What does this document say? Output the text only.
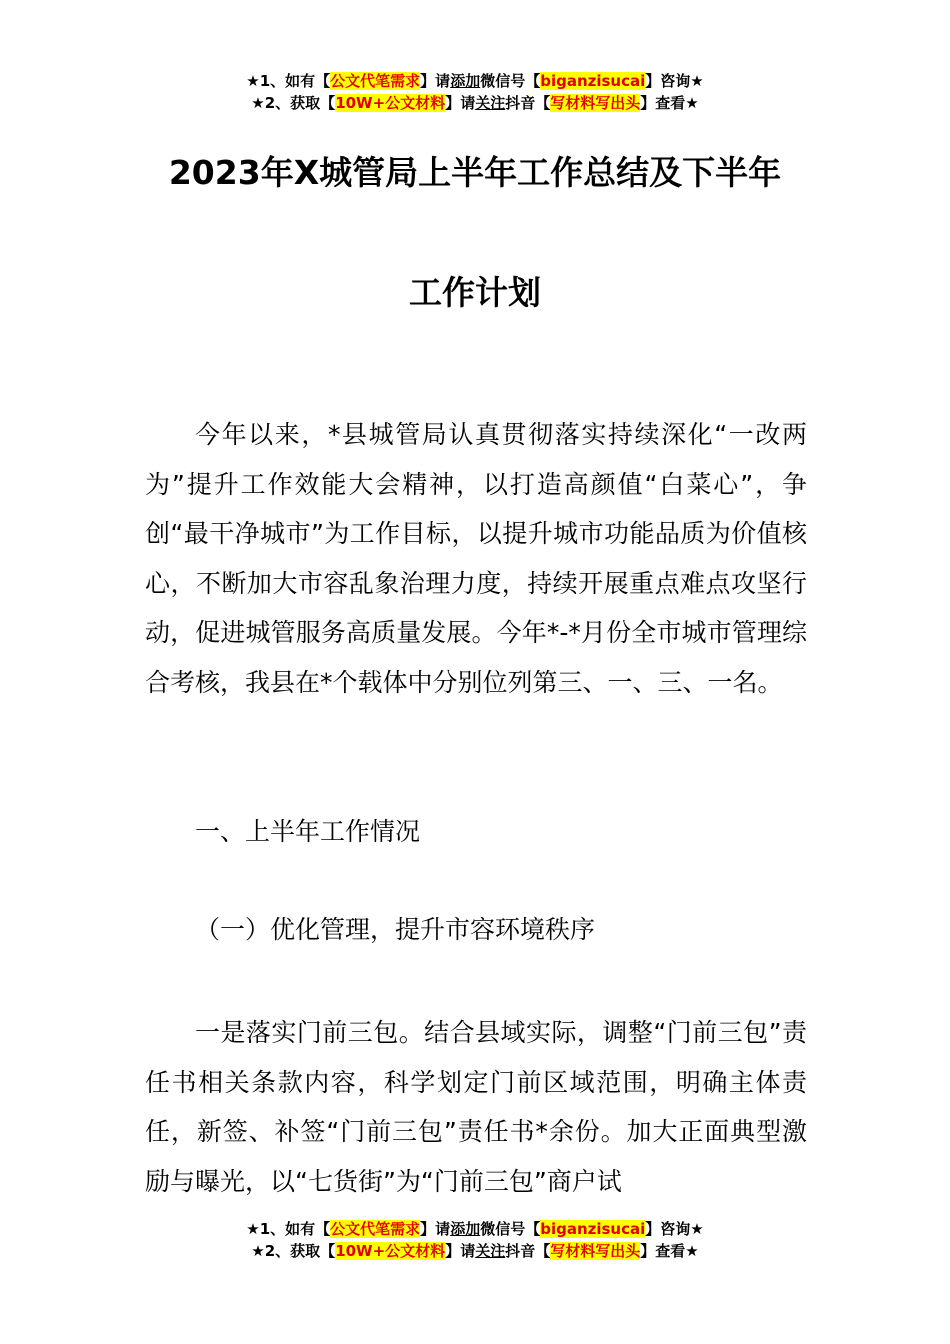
★1、如有【公文代笔需求】请添加微信号【biganzisucai】咨询★
★2、获取【10W+公文材料】请关注抖音【写材料写出头】查看★
2023年X城管局上半年工作总结及下半年
工作计划

今年以来，*县城管局认真贯彻落实持续深化“一改两为”提升工作效能大会精神，以打造高颜值“白菜心”，争创“最干净城市”为工作目标，以提升城市功能品质为价值核心，不断加大市容乱象治理力度，持续开展重点难点攻坚行动，促进城管服务高质量发展。今年*-*月份全市城市管理综合考核，我县在*个载体中分别位列第三、一、三、一名。

一、上半年工作情况
（一）优化管理，提升市容环境秩序

一是落实门前三包。结合县域实际，调整“门前三包”责任书相关条款内容，科学划定门前区域范围，明确主体责任，新签、补签“门前三包”责任书*余份。加大正面典型激励与曝光，以“七货街”为“门前三包”商户试

★1、如有【公文代笔需求】请添加微信号【biganzisucai】咨询★
★2、获取【10W+公文材料】请关注抖音【写材料写出头】查看★
